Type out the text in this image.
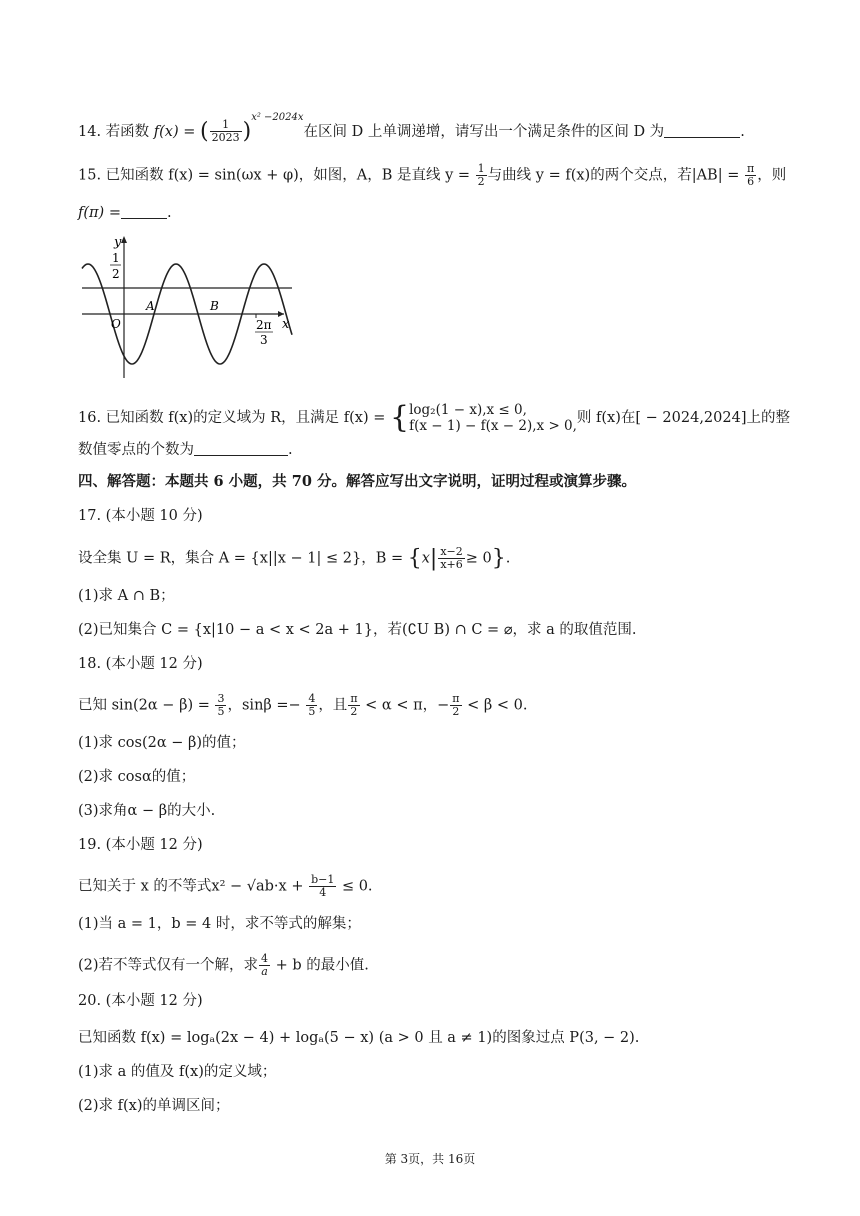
14. 若函数 f(x) = ( $\frac{1}{2023} )^{x^2 -2024x}$在区间 D 上单调递增，请写出一个满足条件的区间 D 为	.
15. 已知函数 f(x) = sin(ωx + φ)，如图，A，B 是直线 $y = \frac{1}{2}$ 与曲线 y = f(x)的两个交点，若$|AB| = \frac{\pi}{6}$ ，则
f(π) =	.
y
x
O
A	B
1
2
2π
3
16. 已知函数 f(x)的定义域为 R，且满足 f(x) = { log₂(1 − x),x ≤ 0,
f(x − 1) − f(x − 2),x > 0, 则 f(x)在[ − 2024,2024]上的整
数值零点的个数为	.
四、解答题：本题共 6 小题，共 70 分。解答应写出文字说明，证明过程或演算步骤。
17. (本小题 10 分)
设全集 U = R，集合 A = {x||x − 1| ≤ 2}，$B = \{x| \frac{x-2}{x+6} \ge 0\}$.
(1)求 A ∩ B；
(2)已知集合 C = {x|10 − a < x < 2a + 1}，若(∁U B) ∩ C = ⌀，求 a 的取值范围.
18. (本小题 12 分)
已知 $\sin(2\alpha - \beta) = \frac{3}{5}$ ，$\sin\beta =- \frac{4}{5}$ ，且 $\frac{\pi}{2} < \alpha < \pi$，− $\frac{\pi}{2} < \beta < 0$.
(1)求 cos(2α − β)的值；
(2)求 cosα的值；
(3)求角α − β的大小.
19. (本小题 12 分)
已知关于 x 的不等式$x^2 - √ab\cdot x + \frac{b-1}{4} \le 0$.
(1)当 a = 1，b = 4 时，求不等式的解集；
(2)若不等式仅有一个解，求 $\frac{4}{a} + b$ 的最小值.
20. (本小题 12 分)
已知函数 f(x) = logₐ(2x − 4) + logₐ(5 − x) (a > 0 且 a ≠ 1)的图象过点 P(3, − 2).
(1)求 a 的值及 f(x)的定义域；
(2)求 f(x)的单调区间；
第 3页，共 16页
